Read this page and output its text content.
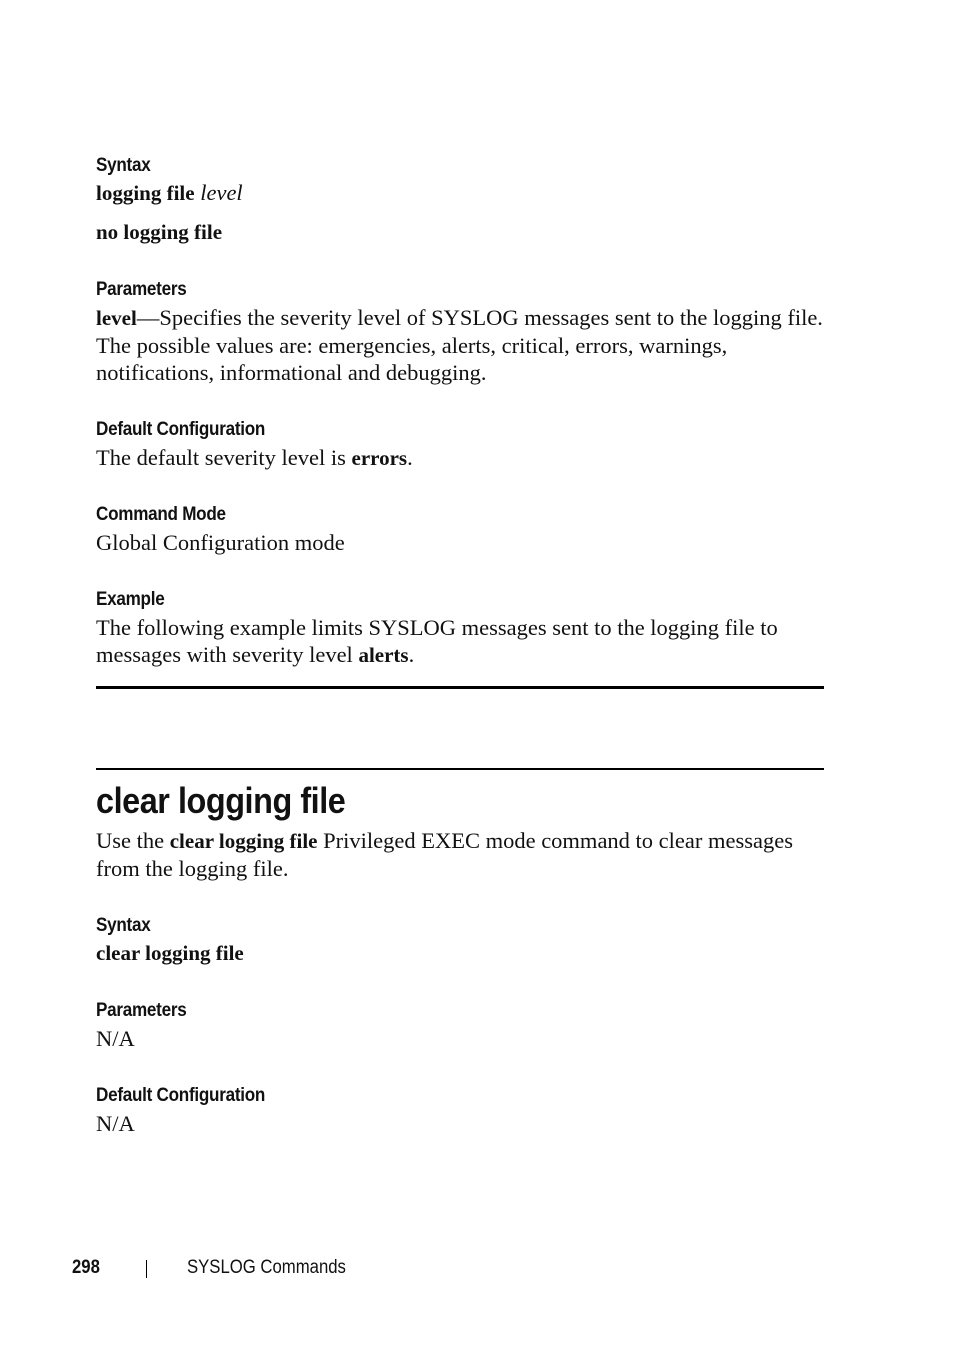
Syntax

logging file level

no logging file

Parameters

level—Specifies the severity level of SYSLOG messages sent to the logging file. The possible values are: emergencies, alerts, critical, errors, warnings, notifications, informational and debugging.

Default Configuration

The default severity level is errors.

Command Mode

Global Configuration mode

Example

The following example limits SYSLOG messages sent to the logging file to messages with severity level alerts.

clear logging file

Use the clear logging file Privileged EXEC mode command to clear messages from the logging file.

Syntax

clear logging file

Parameters

N/A

Default Configuration

N/A

298	SYSLOG Commands
